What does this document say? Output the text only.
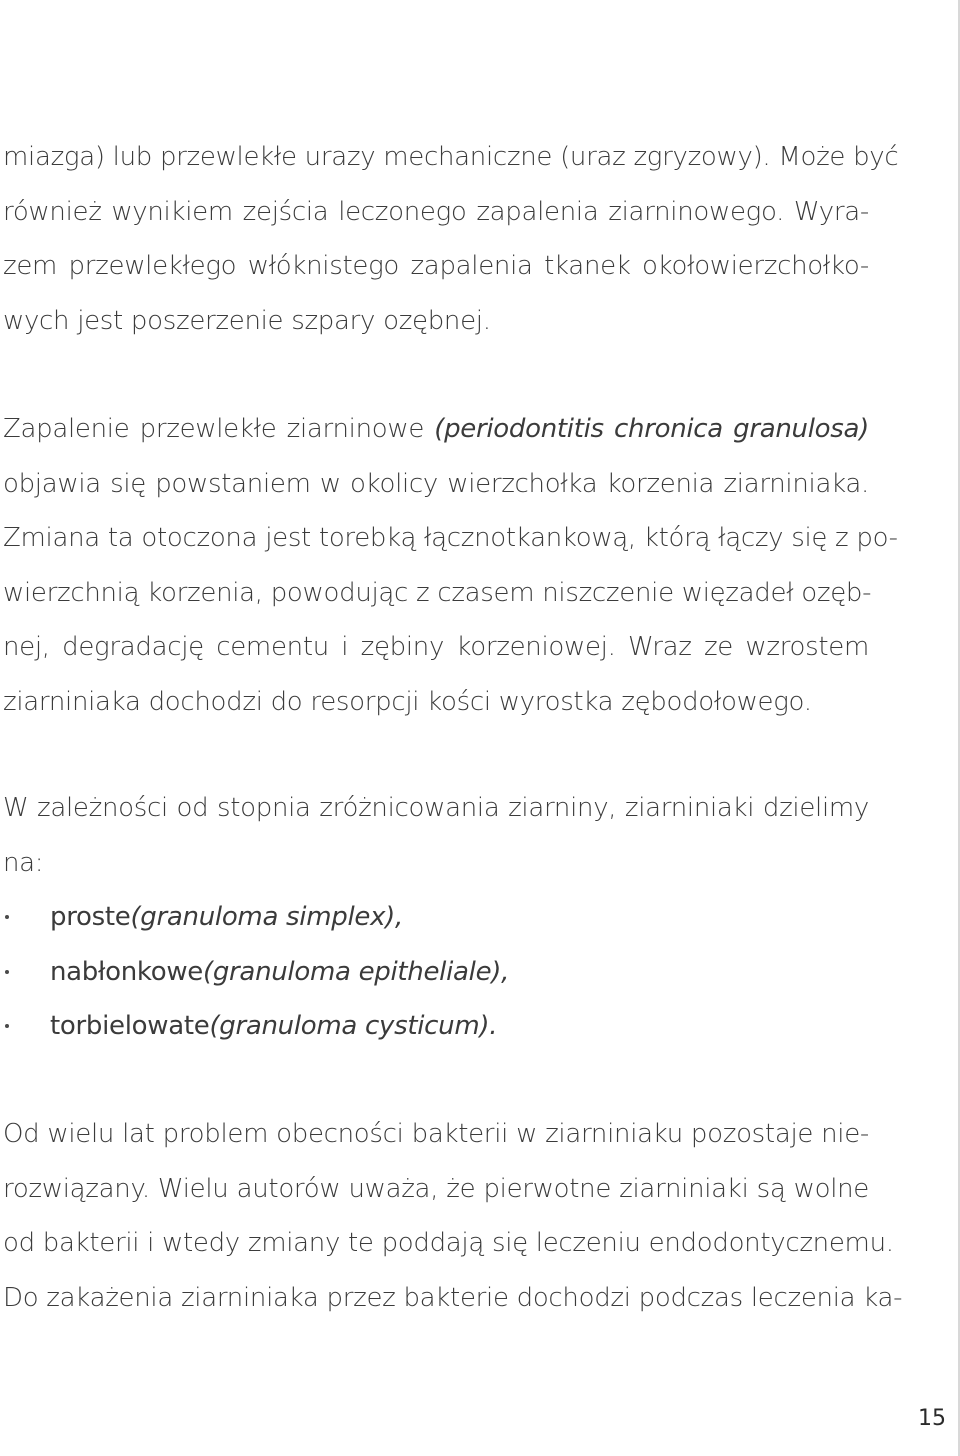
miazga) lub przewlekłe urazy mechaniczne (uraz zgryzowy). Może być
również wynikiem zejścia leczonego zapalenia ziarninowego. Wyra-
zem przewlekłego włóknistego zapalenia tkanek okołowierzchołko-
wych jest poszerzenie szpary ozębnej.
Zapalenie przewlekłe ziarninowe (periodontitis chronica granulosa)
objawia się powstaniem w okolicy wierzchołka korzenia ziarniniaka.
Zmiana ta otoczona jest torebką łącznotkankową, którą łączy się z po-
wierzchnią korzenia, powodując z czasem niszczenie więzadeł ozęb-
nej, degradację cementu i zębiny korzeniowej. Wraz ze wzrostem
ziarniniaka dochodzi do resorpcji kości wyrostka zębodołowego.
W zależności od stopnia zróżnicowania ziarniny, ziarniniaki dzielimy
na:
proste (granuloma simplex),
nabłonkowe (granuloma epitheliale),
torbielowate (granuloma cysticum).
Od wielu lat problem obecności bakterii w ziarniniaku pozostaje nie-
rozwiązany. Wielu autorów uważa, że pierwotne ziarniniaki są wolne
od bakterii i wtedy zmiany te poddają się leczeniu endodontycznemu.
Do zakażenia ziarniniaka przez bakterie dochodzi podczas leczenia ka-
15
